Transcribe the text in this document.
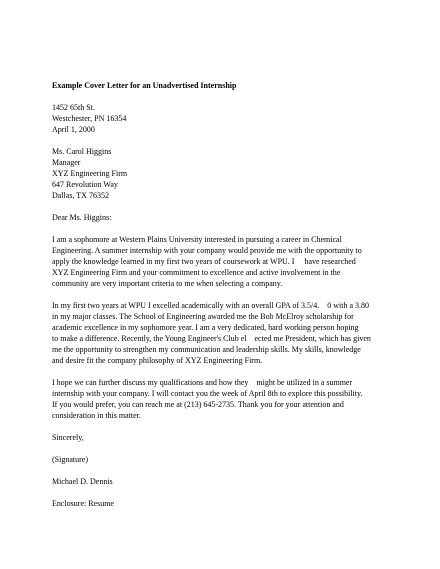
Example Cover Letter for an Unadvertised Internship
1452 65th St.
Westchester, PN 16354
April 1, 2000
Ms. Carol Higgins
Manager
XYZ Engineering Firm
647 Revolution Way
Dallas, TX 76352
Dear Ms. Higgins:
I am a sophomore at Western Plains University interested in pursuing a career in Chemical
Engineering. A summer internship with your company would provide me with the opportunity to
apply the knowledge learned in my first two years of coursework at WPU. I     have researched
XYZ Engineering Firm and your commitment to excellence and active involvement in the
community are very important criteria to me when selecting a company.
In my first two years at WPU I excelled academically with an overall GPA of 3.5/4.    0 with a 3.80
in my major classes. The School of Engineering awarded me the Bob McElroy scholarship for
academic excellence in my sophomore year. I am a very dedicated, hard working person hoping
to make a difference. Recently, the Young Engineer's Club el    ected me President, which has given
me the opportunity to strengthen my communication and leadership skills. My skills, knowledge
and desire fit the company philosophy of XYZ Engineering Firm.
I hope we can further discuss my qualifications and how they    might be utilized in a summer
internship with your company. I will contact you the week of April 8th to explore this possibility.
If you would prefer, you can reach me at (213) 645-2735. Thank you for your attention and
consideration in this matter.
Sincerely,
(Signature)
Michael D. Dennis
Enclosure: Resume
